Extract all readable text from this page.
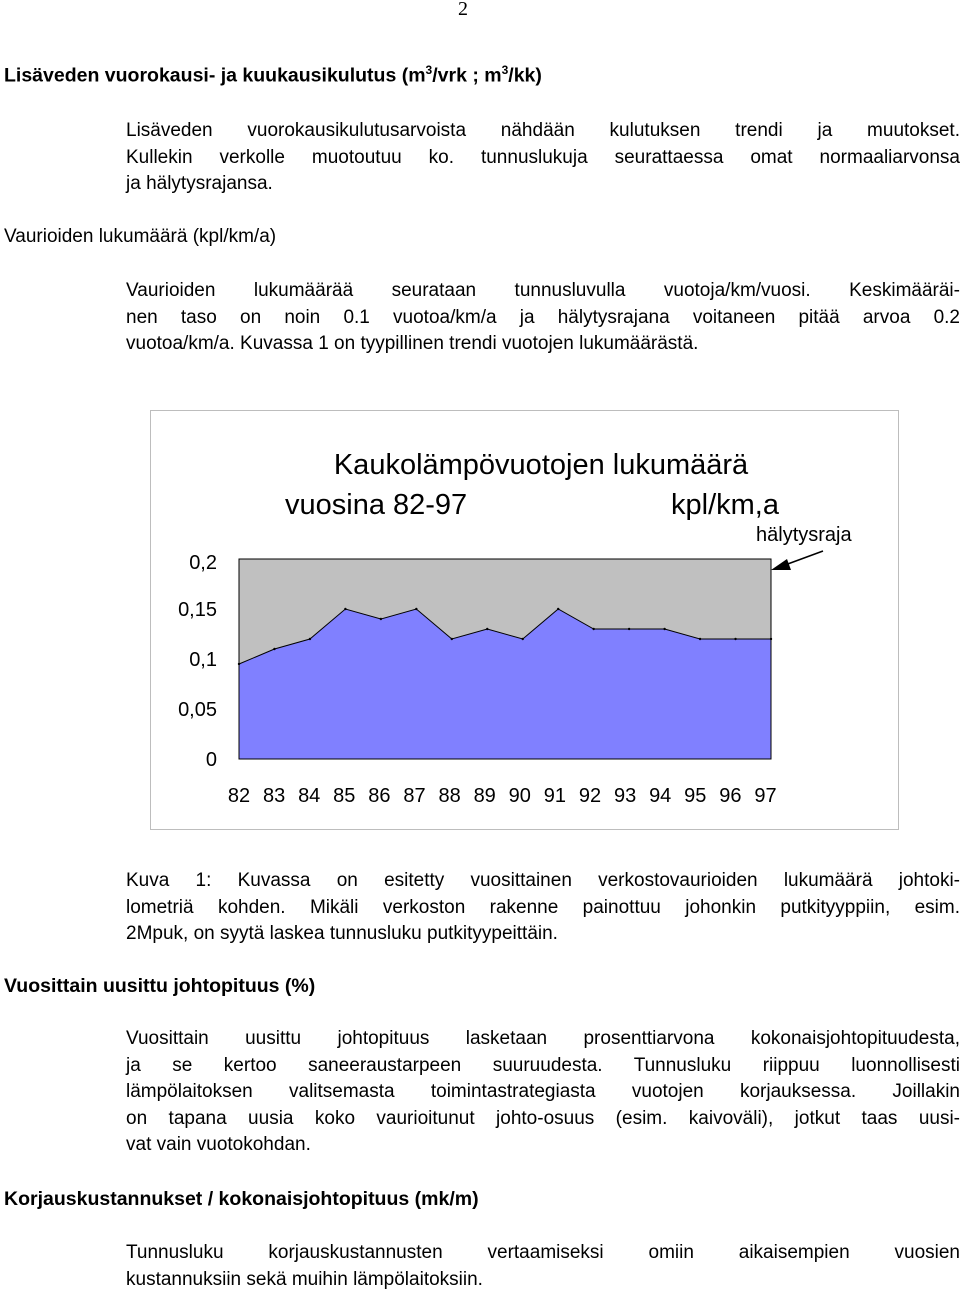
2
Lisäveden vuorokausi- ja kuukausikulutus ($m^3$/vrk ; $m^3/kk$)
Lisäveden vuorokausikulutusarvoista nähdään kulutuksen trendi ja muutokset.
Kullekin verkolle muotoutuu ko. tunnuslukuja seurattaessa omat normaaliarvonsa
ja hälytysrajansa.
Vaurioiden lukumäärä (kpl/km/a)
Vaurioiden lukumäärää seurataan tunnusluvulla vuotoja/km/vuosi. Keskimääräi-
nen taso on noin 0.1 vuotoa/km/a ja hälytysrajana voitaneen pitää arvoa 0.2
vuotoa/km/a. Kuvassa 1 on tyypillinen trendi vuotojen lukumäärästä.
0
0,05
0,1
0,15
0,2
82 83 84 85 86 87 88 89 90 91 92 93 94 95 96 97
Kaukolämpövuotojen lukumäärä
vuosina 82-97	kpl/km,a
hälytysraja
Kuva 1: Kuvassa on esitetty vuosittainen verkostovaurioiden lukumäärä johtoki-
lometriä kohden. Mikäli verkoston rakenne painottuu johonkin putkityyppiin, esim.
2Mpuk, on syytä laskea tunnusluku putkityypeittäin.
Vuosittain uusittu johtopituus (%)
Vuosittain uusittu johtopituus lasketaan prosenttiarvona kokonaisjohtopituudesta,
ja se kertoo saneeraustarpeen suuruudesta. Tunnusluku riippuu luonnollisesti
lämpölaitoksen valitsemasta toimintastrategiasta vuotojen korjauksessa. Joillakin
on tapana uusia koko vaurioitunut johto-osuus (esim. kaivoväli), jotkut taas uusi-
vat vain vuotokohdan.
Korjauskustannukset / kokonaisjohtopituus (mk/m)
Tunnusluku korjauskustannusten vertaamiseksi omiin aikaisempien vuosien
kustannuksiin sekä muihin lämpölaitoksiin.
